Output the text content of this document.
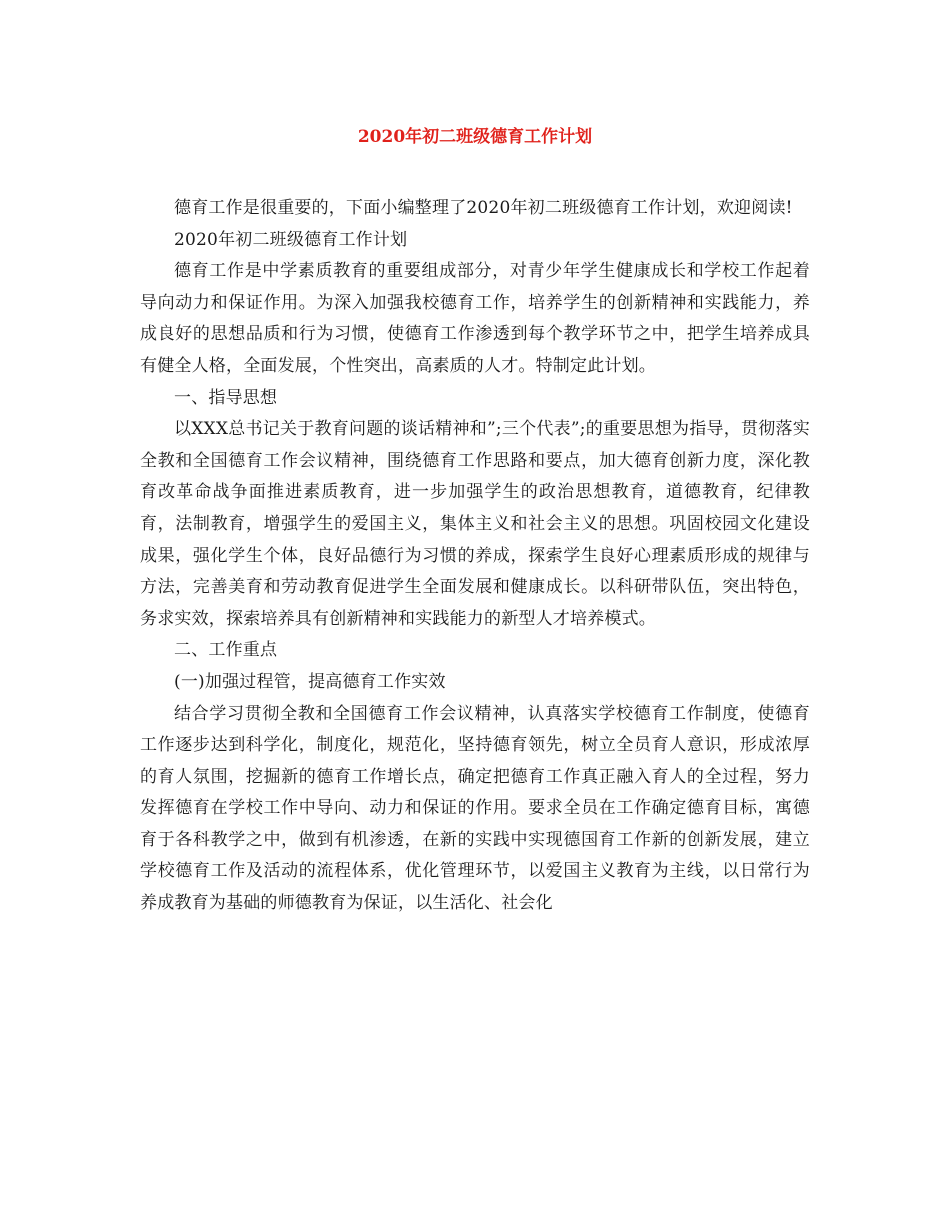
2020年初二班级德育工作计划

德育工作是很重要的，下面小编整理了2020年初二班级德育工作计划，欢迎阅读!

2020年初二班级德育工作计划

德育工作是中学素质教育的重要组成部分，对青少年学生健康成长和学校工作起着导向动力和保证作用。为深入加强我校德育工作，培养学生的创新精神和实践能力，养成良好的思想品质和行为习惯，使德育工作渗透到每个教学环节之中，把学生培养成具有健全人格，全面发展，个性突出，高素质的人才。特制定此计划。

一、指导思想

以XXX总书记关于教育问题的谈话精神和”;三个代表”;的重要思想为指导，贯彻落实全教和全国德育工作会议精神，围绕德育工作思路和要点，加大德育创新力度，深化教育改革命战争面推进素质教育，进一步加强学生的政治思想教育，道德教育，纪律教育，法制教育，增强学生的爱国主义，集体主义和社会主义的思想。巩固校园文化建设成果，强化学生个体，良好品德行为习惯的养成，探索学生良好心理素质形成的规律与方法，完善美育和劳动教育促进学生全面发展和健康成长。以科研带队伍，突出特色，务求实效，探索培养具有创新精神和实践能力的新型人才培养模式。

二、工作重点

(一)加强过程管，提高德育工作实效

结合学习贯彻全教和全国德育工作会议精神，认真落实学校德育工作制度，使德育工作逐步达到科学化，制度化，规范化，坚持德育领先，树立全员育人意识，形成浓厚的育人氛围，挖掘新的德育工作增长点，确定把德育工作真正融入育人的全过程，努力发挥德育在学校工作中导向、动力和保证的作用。要求全员在工作确定德育目标，寓德育于各科教学之中，做到有机渗透，在新的实践中实现德国育工作新的创新发展，建立学校德育工作及活动的流程体系，优化管理环节，以爱国主义教育为主线，以日常行为养成教育为基础的师德教育为保证，以生活化、社会化
